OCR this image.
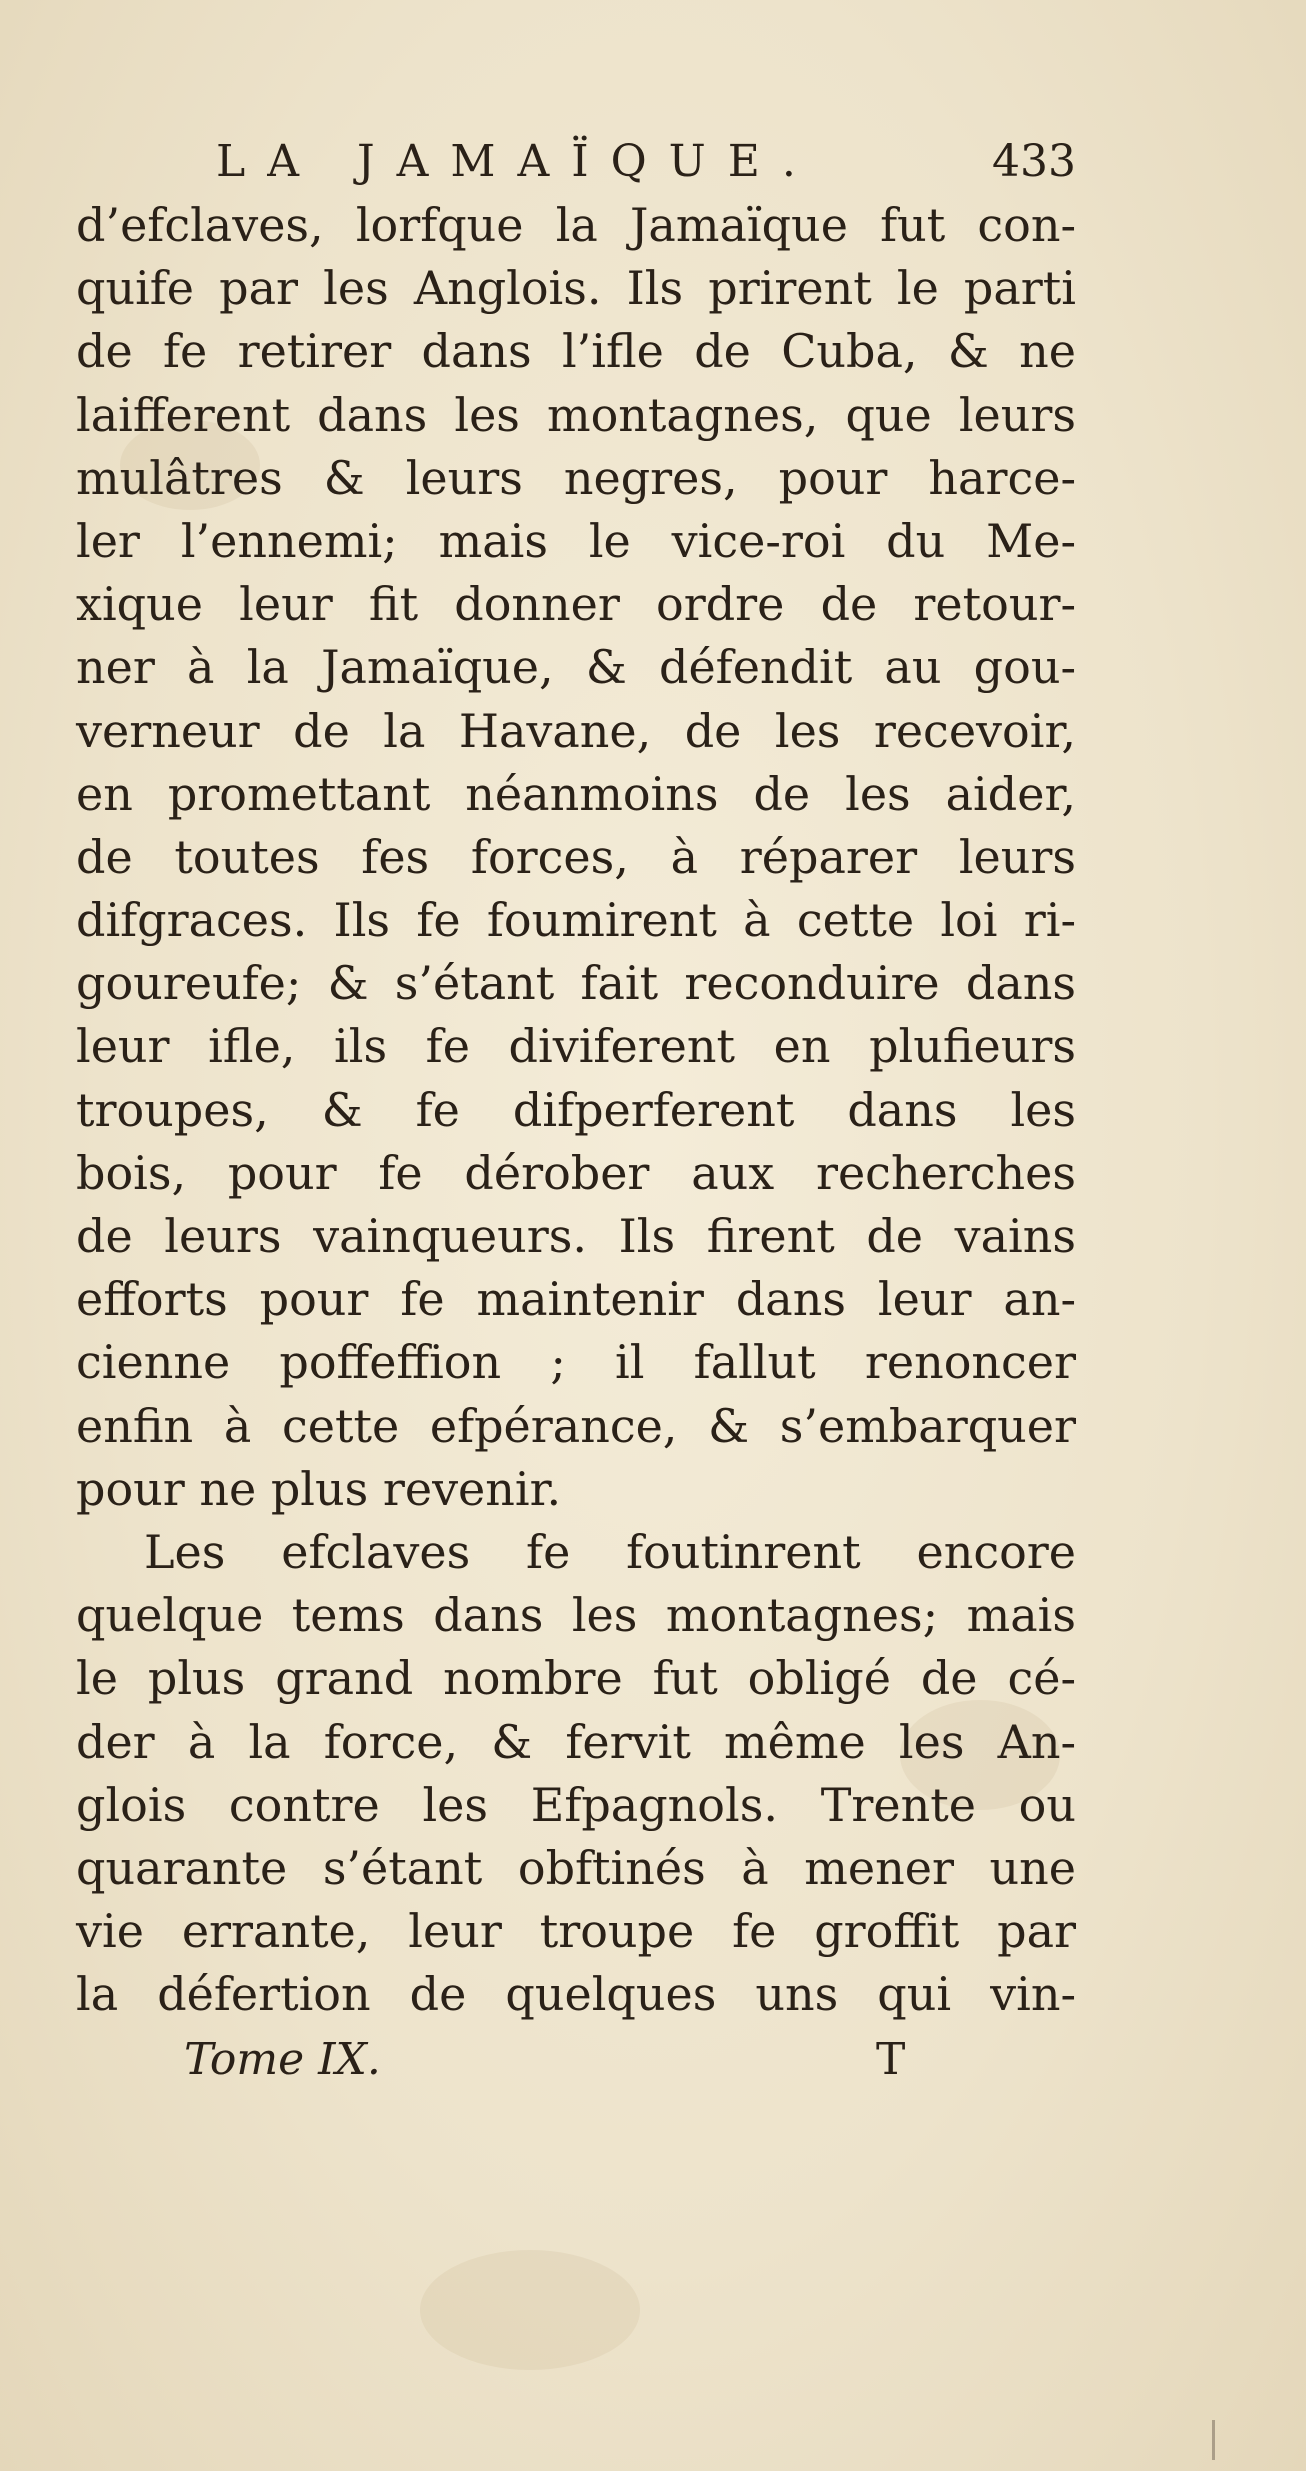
LA JAMAÏQUE.	433
d’efclaves, lorfque la Jamaïque fut con-
quife par les Anglois. Ils prirent le parti
de fe retirer dans l’ifle de Cuba, & ne
laifferent dans les montagnes, que leurs
mulâtres & leurs negres, pour harce-
ler l’ennemi; mais le vice-roi du Me-
xique leur fit donner ordre de retour-
ner à la Jamaïque, & défendit au gou-
verneur de la Havane, de les recevoir,
en promettant néanmoins de les aider,
de toutes fes forces, à réparer leurs
difgraces. Ils fe foumirent à cette loi ri-
goureufe; & s’étant fait reconduire dans
leur ifle, ils fe diviferent en plufieurs
troupes, & fe difperferent dans les
bois, pour fe dérober aux recherches
de leurs vainqueurs. Ils firent de vains
efforts pour fe maintenir dans leur an-
cienne poffeffion ; il fallut renoncer
enfin à cette efpérance, & s’embarquer
pour ne plus revenir.
Les efclaves fe foutinrent encore
quelque tems dans les montagnes; mais
le plus grand nombre fut obligé de cé-
der à la force, & fervit même les An-
glois contre les Efpagnols. Trente ou
quarante s’étant obftinés à mener une
vie errante, leur troupe fe groffit par
la défertion de quelques uns qui vin-
Tome IX.	T
